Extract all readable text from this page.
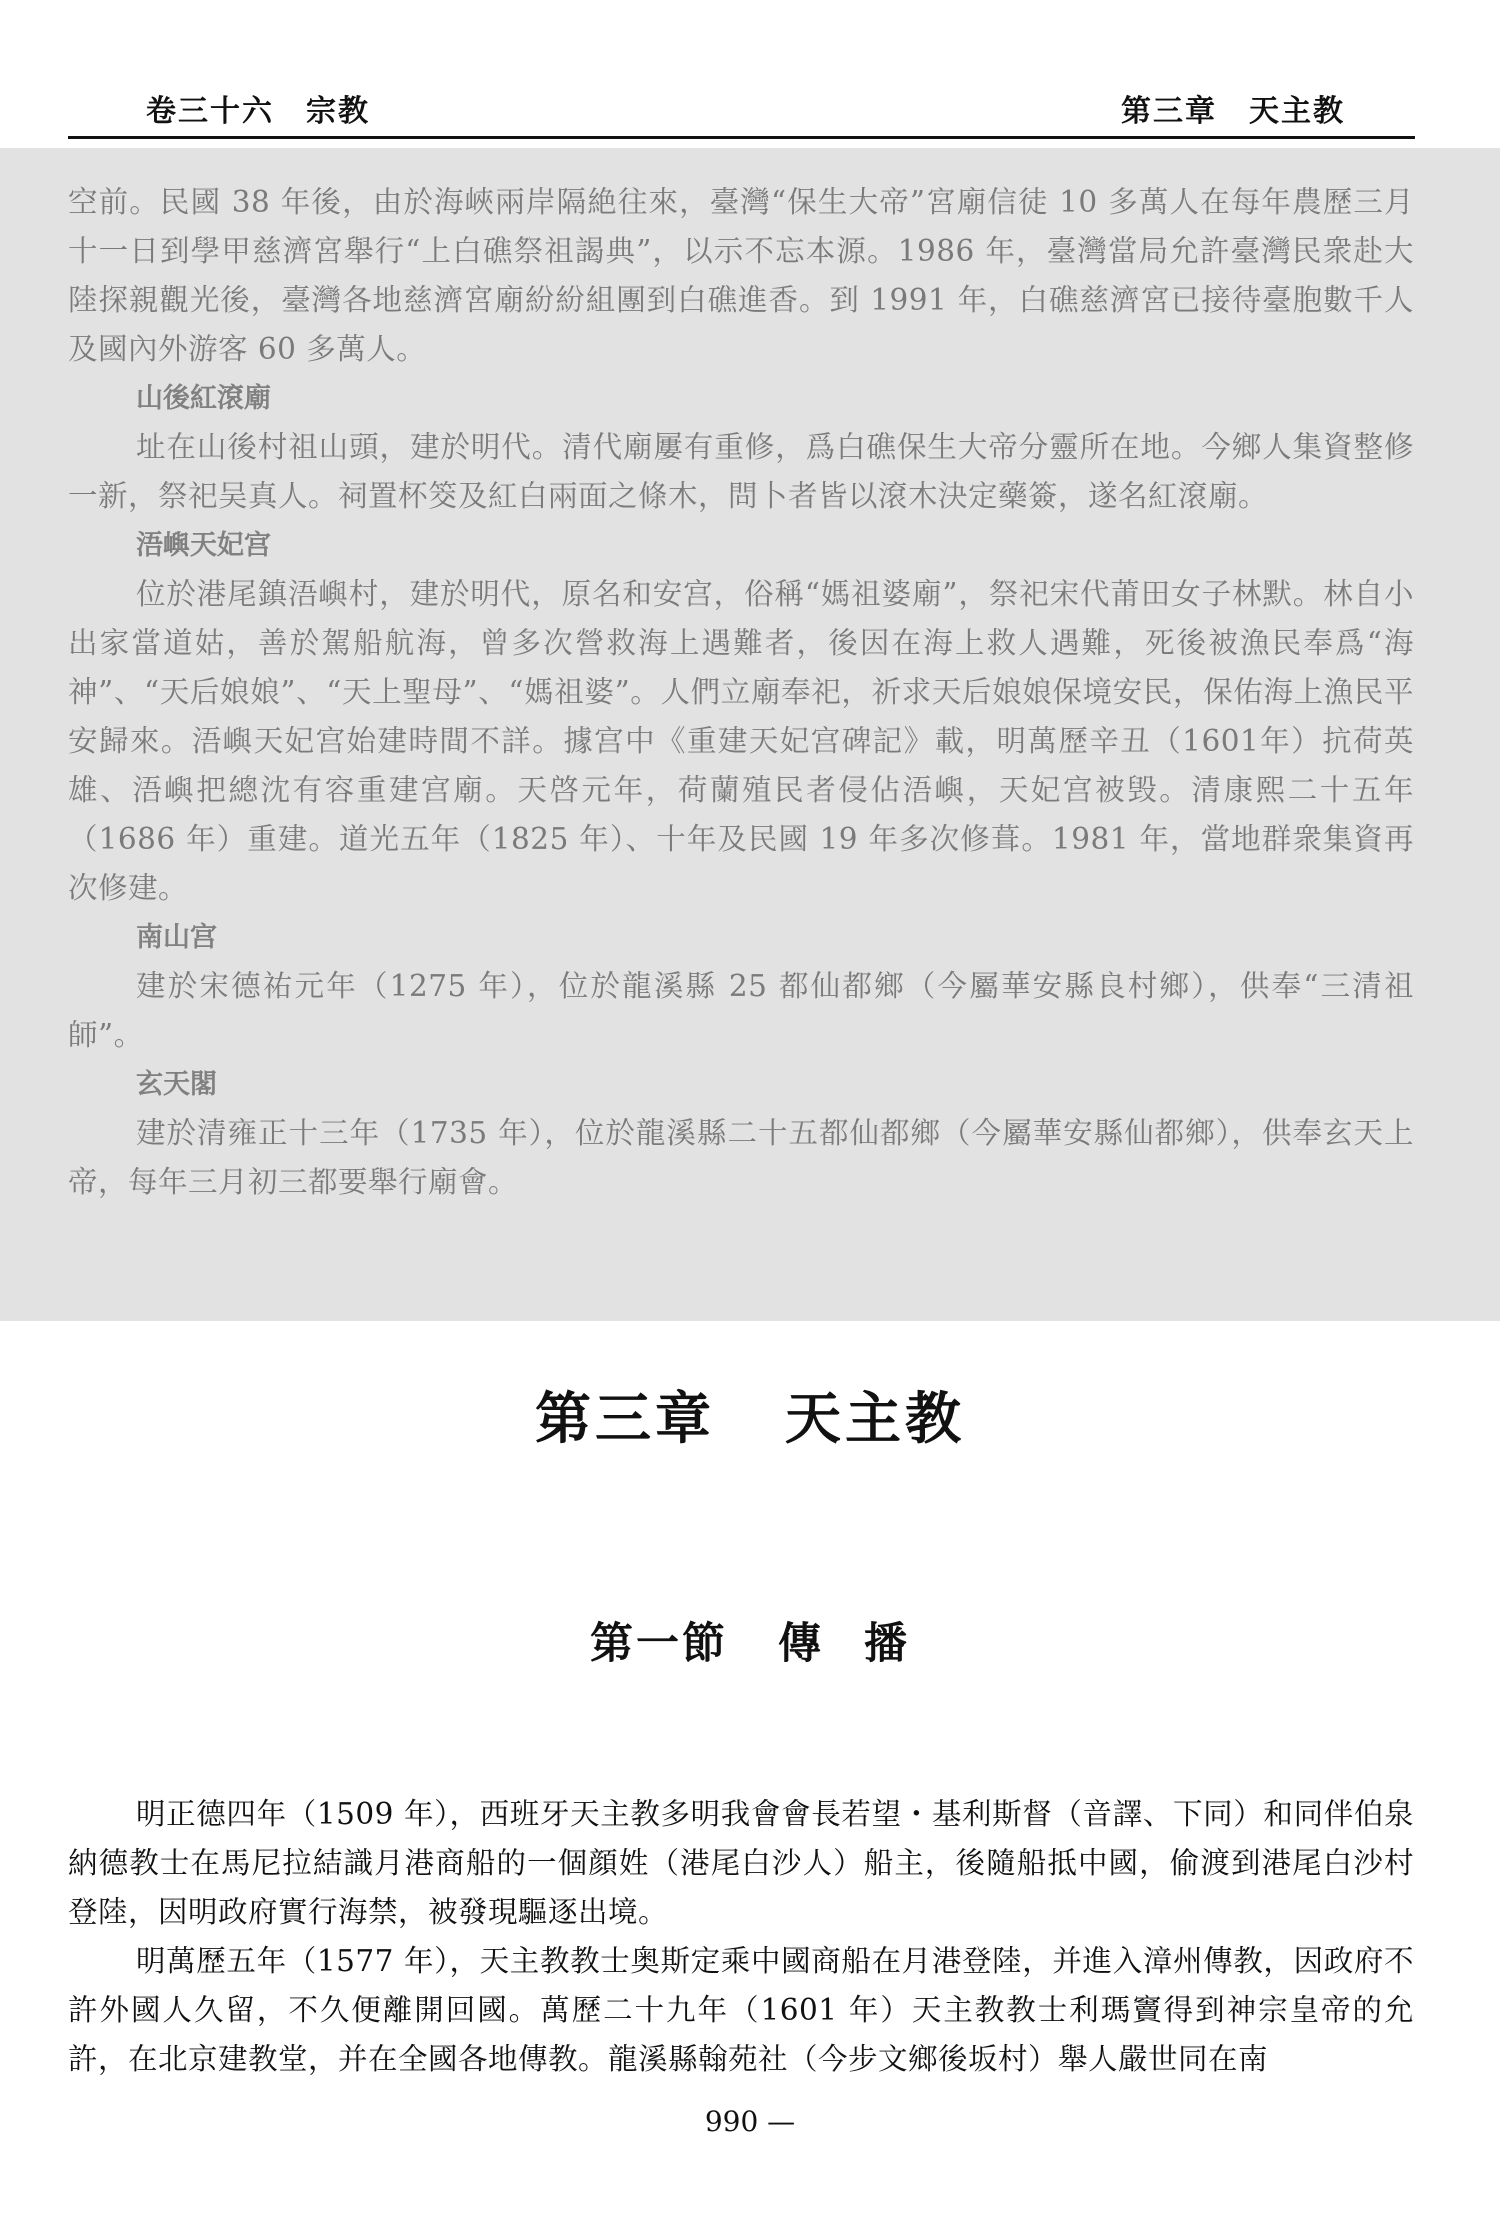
卷三十六　宗教	第三章　天主教

空前。民國 38 年後，由於海峽兩岸隔絶往來，臺灣“保生大帝”宮廟信徒 10 多萬人在每年農歷三月十一日到學甲慈濟宮舉行“上白礁祭祖謁典”，以示不忘本源。1986 年，臺灣當局允許臺灣民衆赴大陸探親觀光後，臺灣各地慈濟宮廟紛紛組團到白礁進香。到 1991 年，白礁慈濟宮已接待臺胞數千人及國內外游客 60 多萬人。

山後紅滾廟

址在山後村祖山頭，建於明代。清代廟屢有重修，爲白礁保生大帝分靈所在地。今鄉人集資整修一新，祭祀吴真人。祠置杯筊及紅白兩面之條木，問卜者皆以滾木決定藥簽，遂名紅滾廟。

浯嶼天妃宫

位於港尾鎮浯嶼村，建於明代，原名和安宫，俗稱“媽祖婆廟”，祭祀宋代莆田女子林默。林自小出家當道姑，善於駕船航海，曾多次營救海上遇難者，後因在海上救人遇難，死後被漁民奉爲“海神”、“天后娘娘”、“天上聖母”、“媽祖婆”。人們立廟奉祀，祈求天后娘娘保境安民，保佑海上漁民平安歸來。浯嶼天妃宫始建時間不詳。據宫中《重建天妃宫碑記》載，明萬歷辛丑（1601年）抗荷英雄、浯嶼把總沈有容重建宫廟。天啓元年，荷蘭殖民者侵佔浯嶼，天妃宫被毁。清康熙二十五年（1686 年）重建。道光五年（1825 年）、十年及民國 19 年多次修葺。1981 年，當地群衆集資再次修建。

南山宫

建於宋德祐元年（1275 年），位於龍溪縣 25 都仙都鄉（今屬華安縣良村鄉），供奉“三清祖師”。

玄天閣

建於清雍正十三年（1735 年），位於龍溪縣二十五都仙都鄉（今屬華安縣仙都鄉），供奉玄天上帝，每年三月初三都要舉行廟會。

第三章 天主教
第一節 傳 播

明正德四年（1509 年），西班牙天主教多明我會會長若望・基利斯督（音譯、下同）和同伴伯泉納德教士在馬尼拉結識月港商船的一個顔姓（港尾白沙人）船主，後隨船抵中國，偷渡到港尾白沙村登陸，因明政府實行海禁，被發現驅逐出境。

明萬歷五年（1577 年），天主教教士奥斯定乘中國商船在月港登陸，并進入漳州傳教，因政府不許外國人久留，不久便離開回國。萬歷二十九年（1601 年）天主教教士利瑪竇得到神宗皇帝的允許，在北京建教堂，并在全國各地傳教。龍溪縣翰苑社（今步文鄉後坂村）舉人嚴世同在南

990 —
